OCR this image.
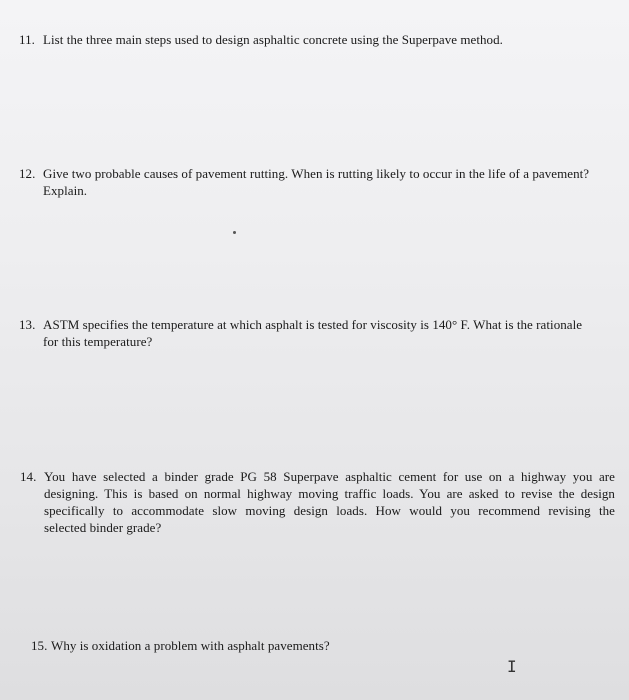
11. List the three main steps used to design asphaltic concrete using the Superpave method.
12. Give two probable causes of pavement rutting. When is rutting likely to occur in the life of a pavement?
Explain.
13. ASTM specifies the temperature at which asphalt is tested for viscosity is 140° F. What is the rationale
for this temperature?
14. You have selected a binder grade PG 58 Superpave asphaltic cement for use on a highway you are
designing. This is based on normal highway moving traffic loads. You are asked to revise the design
specifically to accommodate slow moving design loads. How would you recommend revising the
selected binder grade?
15. Why is oxidation a problem with asphalt pavements?
I
